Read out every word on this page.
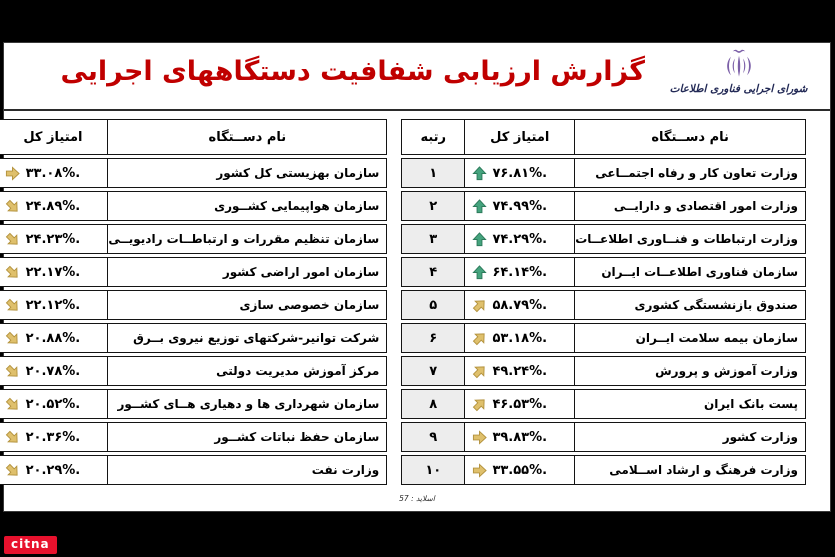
گزارش ارزیابی شفافیت دستگاههای اجرایی
شورای اجرایی فناوری اطلاعات
نام دســتگاه
امتیاز کل
رتبه
وزارت تعاون کار و رفاه اجتمــاعی
۷۶.۸۱%.
۱
وزارت امور اقتصادی و دارایــی
۷۴.۹۹%.
۲
وزارت ارتباطات و فنــاوری اطلاعــات
۷۴.۲۹%.
۳
سازمان فناوری اطلاعــات ایــران
۶۴.۱۴%.
۴
صندوق بازنشستگی کشوری
۵۸.۷۹%.
۵
سازمان بیمه سلامت ایــران
۵۳.۱۸%.
۶
وزارت آموزش و پرورش
۴۹.۲۴%.
۷
پست بانک ایران
۴۶.۵۳%.
۸
وزارت کشور
۳۹.۸۳%.
۹
وزارت فرهنگ و ارشاد اســلامی
۳۳.۵۵%.
۱۰
نام دســتگاه
امتیاز کل
سازمان بهزیستی کل کشور
۳۳.۰۸%.
سازمان هواپیمایی کشــوری
۲۴.۸۹%.
سازمان تنظیم مقررات و ارتباطــات رادیویــی
۲۴.۲۳%.
سازمان امور اراضی کشور
۲۲.۱۷%.
سازمان خصوصی سازی
۲۲.۱۲%.
شرکت توانیر-شرکتهای توزیع نیروی بــرق
۲۰.۸۸%.
مرکز آموزش مدیریت دولتی
۲۰.۷۸%.
سازمان شهرداری ها و دهیاری هــای کشــور
۲۰.۵۲%.
سازمان حفظ نباتات کشــور
۲۰.۳۶%.
وزارت نفت
۲۰.۲۹%.
اسلاید : 57
citna
